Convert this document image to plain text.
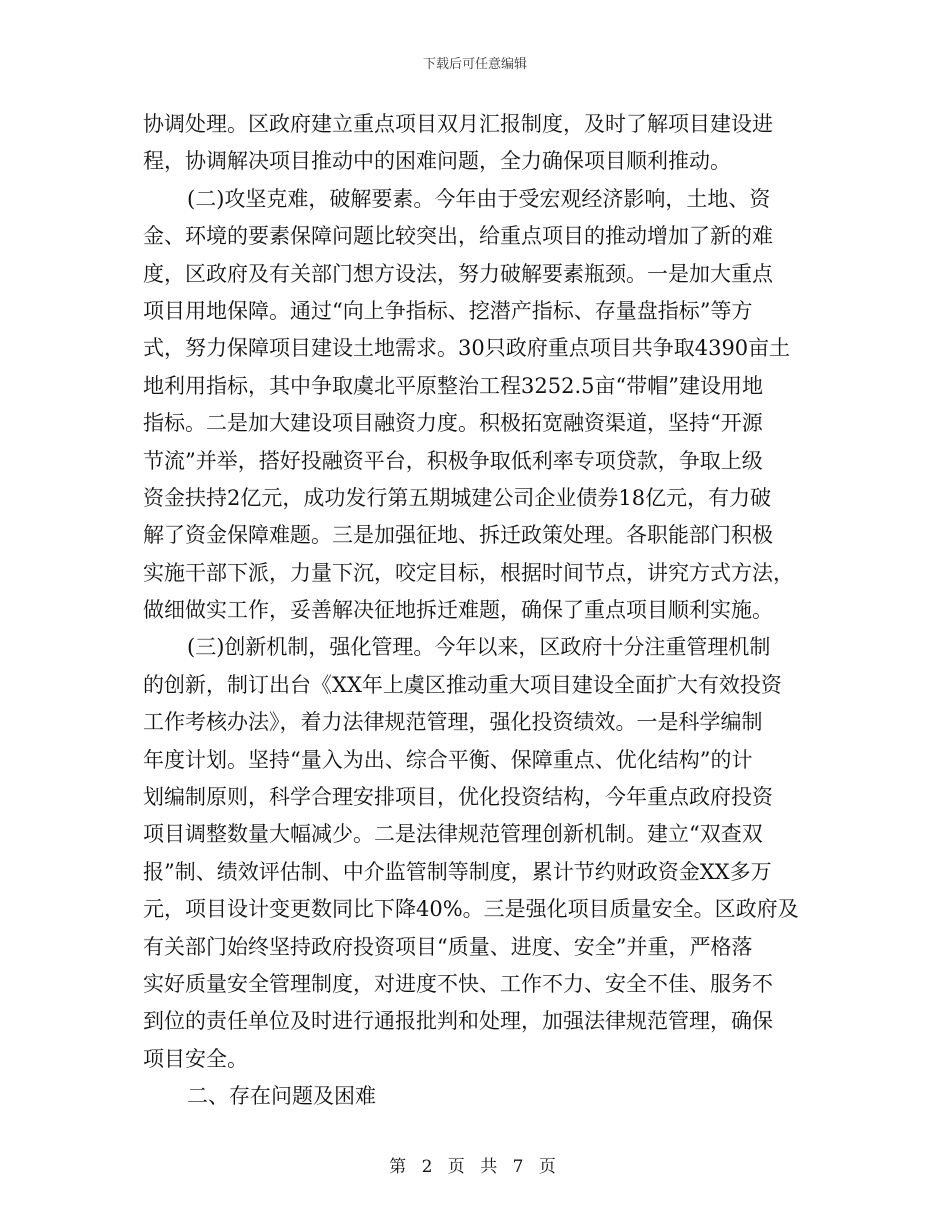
下载后可任意编辑
协调处理。区政府建立重点项目双月汇报制度，及时了解项目建设进
程，协调解决项目推动中的困难问题，全力确保项目顺利推动。
(二)攻坚克难，破解要素。今年由于受宏观经济影响，土地、资
金、环境的要素保障问题比较突出，给重点项目的推动增加了新的难
度，区政府及有关部门想方设法，努力破解要素瓶颈。一是加大重点
项目用地保障。通过“向上争指标、挖潜产指标、存量盘指标”等方
式，努力保障项目建设土地需求。30只政府重点项目共争取4390亩土
地利用指标，其中争取虞北平原整治工程3252.5亩“带帽”建设用地
指标。二是加大建设项目融资力度。积极拓宽融资渠道，坚持“开源
节流”并举，搭好投融资平台，积极争取低利率专项贷款，争取上级
资金扶持2亿元，成功发行第五期城建公司企业债券18亿元，有力破
解了资金保障难题。三是加强征地、拆迁政策处理。各职能部门积极
实施干部下派，力量下沉，咬定目标，根据时间节点，讲究方式方法，
做细做实工作，妥善解决征地拆迁难题，确保了重点项目顺利实施。
(三)创新机制，强化管理。今年以来，区政府十分注重管理机制
的创新，制订出台《XX年上虞区推动重大项目建设全面扩大有效投资
工作考核办法》，着力法律规范管理，强化投资绩效。一是科学编制
年度计划。坚持“量入为出、综合平衡、保障重点、优化结构”的计
划编制原则，科学合理安排项目，优化投资结构，今年重点政府投资
项目调整数量大幅减少。二是法律规范管理创新机制。建立“双查双
报”制、绩效评估制、中介监管制等制度，累计节约财政资金XX多万
元，项目设计变更数同比下降40%。三是强化项目质量安全。区政府及
有关部门始终坚持政府投资项目“质量、进度、安全”并重，严格落
实好质量安全管理制度，对进度不快、工作不力、安全不佳、服务不
到位的责任单位及时进行通报批判和处理，加强法律规范管理，确保
项目安全。
二、存在问题及困难
第 2 页 共 7 页
